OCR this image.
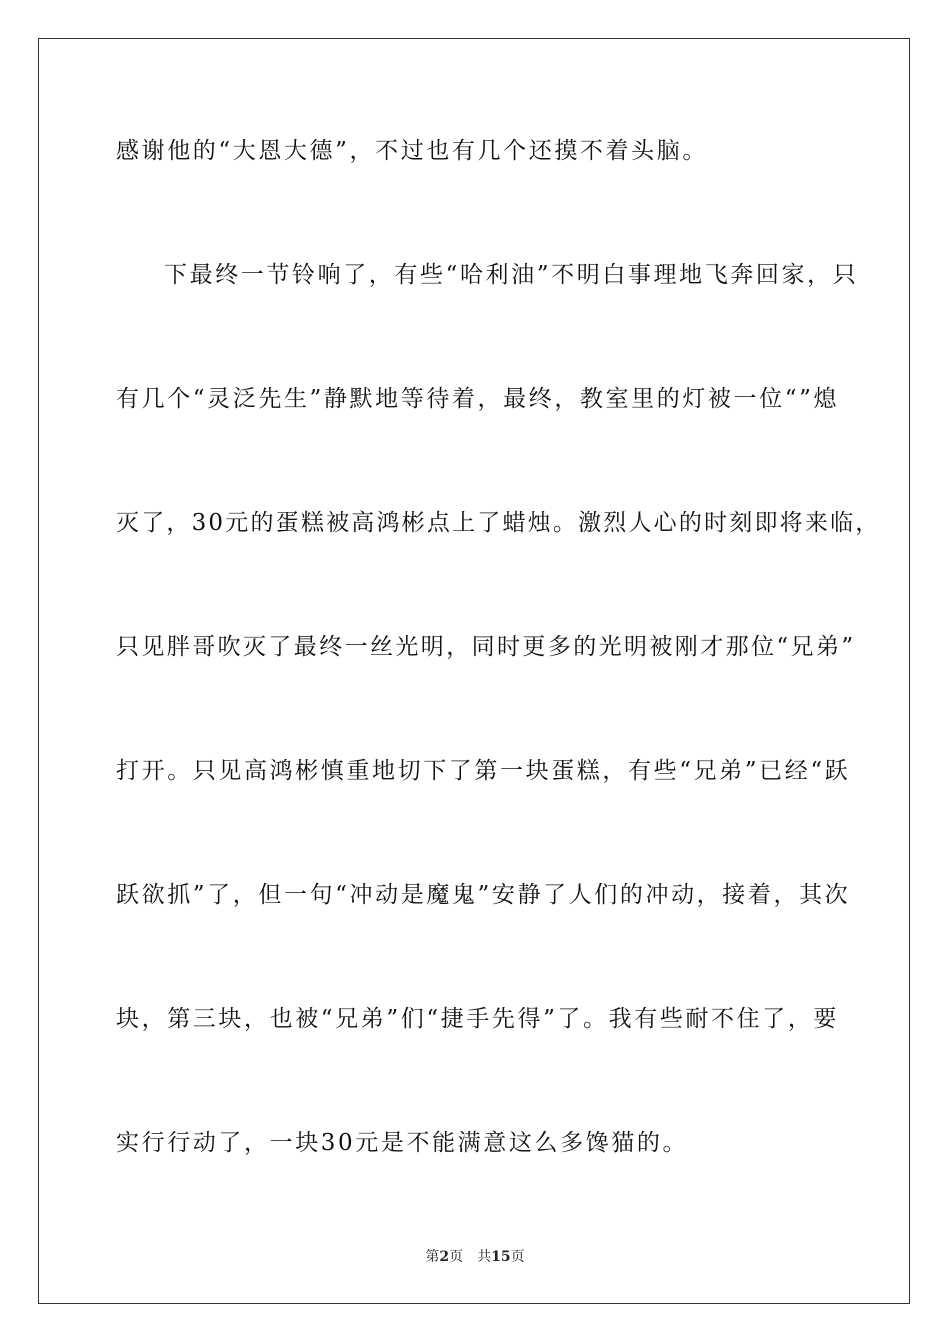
感谢他的“大恩大德”，不过也有几个还摸不着头脑。
下最终一节铃响了，有些“哈利油”不明白事理地飞奔回家，只
有几个“灵泛先生”静默地等待着，最终，教室里的灯被一位“”熄
灭了，30元的蛋糕被高鸿彬点上了蜡烛。激烈人心的时刻即将来临，
只见胖哥吹灭了最终一丝光明，同时更多的光明被刚才那位“兄弟”
打开。只见高鸿彬慎重地切下了第一块蛋糕，有些“兄弟”已经“跃
跃欲抓”了，但一句“冲动是魔鬼”安静了人们的冲动，接着，其次
块，第三块，也被“兄弟”们“捷手先得”了。我有些耐不住了，要
实行行动了，一块30元是不能满意这么多馋猫的。
第2页 共15页
